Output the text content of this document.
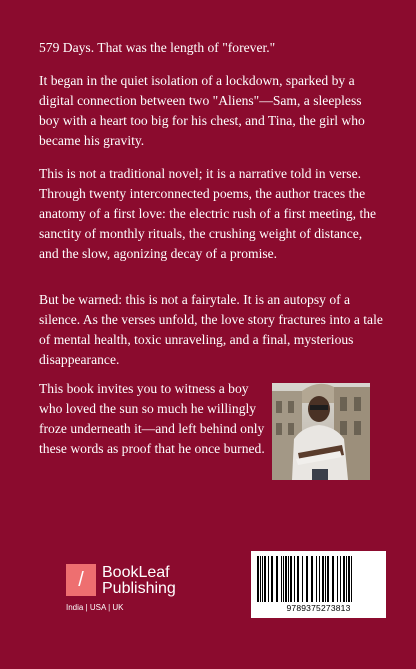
579 Days. That was the length of "forever."

It began in the quiet isolation of a lockdown, sparked by a digital connection between two "Aliens"—Sam, a sleepless boy with a heart too big for his chest, and Tina, the girl who became his gravity.

This is not a traditional novel; it is a narrative told in verse. Through twenty interconnected poems, the author traces the anatomy of a first love: the electric rush of a first meeting, the sanctity of monthly rituals, the crushing weight of distance, and the slow, agonizing decay of a promise.

But be warned: this is not a fairytale. It is an autopsy of a silence. As the verses unfold, the love story fractures into a tale of mental health, toxic unraveling, and a final, mysterious disappearance.

This book invites you to witness a boy who loved the sun so much he willingly froze underneath it—and left behind only these words as proof that he once burned.

/	BookLeaf
Publishing
India | USA | UK	9789375273813
